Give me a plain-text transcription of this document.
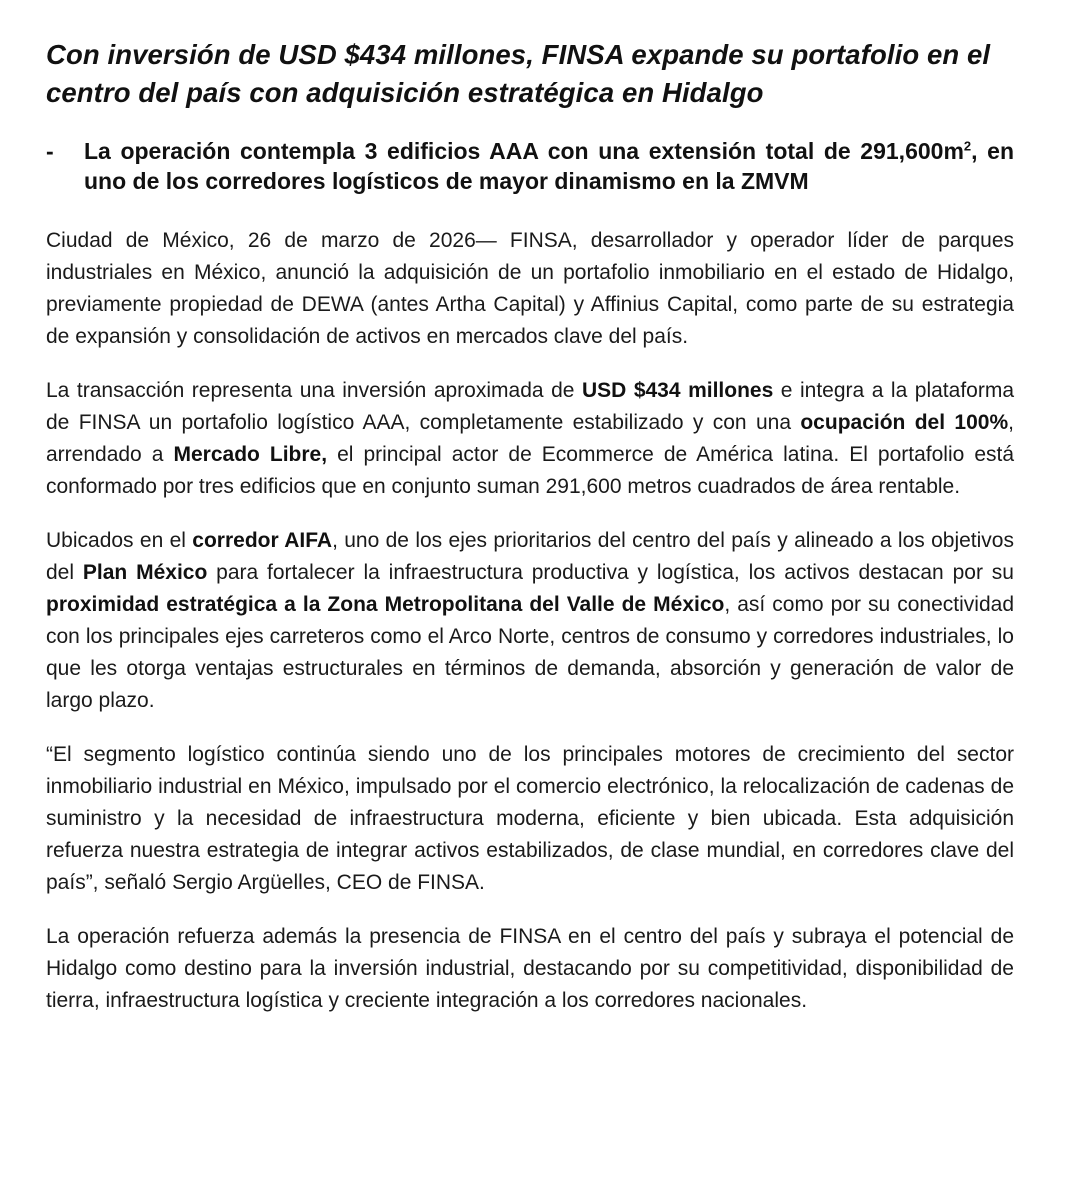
Con inversión de USD $434 millones, FINSA expande su portafolio en el centro del país con adquisición estratégica en Hidalgo
-	La operación contempla 3 edificios AAA con una extensión total de $291,600m^2$, en uno de los corredores logísticos de mayor dinamismo en la ZMVM

Ciudad de México, 26 de marzo de 2026— FINSA, desarrollador y operador líder de parques industriales en México, anunció la adquisición de un portafolio inmobiliario en el estado de Hidalgo, previamente propiedad de DEWA (antes Artha Capital) y Affinius Capital, como parte de su estrategia de expansión y consolidación de activos en mercados clave del país.

La transacción representa una inversión aproximada de USD $434 millones e integra a la plataforma de FINSA un portafolio logístico AAA, completamente estabilizado y con una ocupación del 100%, arrendado a Mercado Libre, el principal actor de Ecommerce de América latina. El portafolio está conformado por tres edificios que en conjunto suman 291,600 metros cuadrados de área rentable.

Ubicados en el corredor AIFA, uno de los ejes prioritarios del centro del país y alineado a los objetivos del Plan México para fortalecer la infraestructura productiva y logística, los activos destacan por su proximidad estratégica a la Zona Metropolitana del Valle de México, así como por su conectividad con los principales ejes carreteros como el Arco Norte, centros de consumo y corredores industriales, lo que les otorga ventajas estructurales en términos de demanda, absorción y generación de valor de largo plazo.

“El segmento logístico continúa siendo uno de los principales motores de crecimiento del sector inmobiliario industrial en México, impulsado por el comercio electrónico, la relocalización de cadenas de suministro y la necesidad de infraestructura moderna, eficiente y bien ubicada. Esta adquisición refuerza nuestra estrategia de integrar activos estabilizados, de clase mundial, en corredores clave del país”, señaló Sergio Argüelles, CEO de FINSA.

La operación refuerza además la presencia de FINSA en el centro del país y subraya el potencial de Hidalgo como destino para la inversión industrial, destacando por su competitividad, disponibilidad de tierra, infraestructura logística y creciente integración a los corredores nacionales.
